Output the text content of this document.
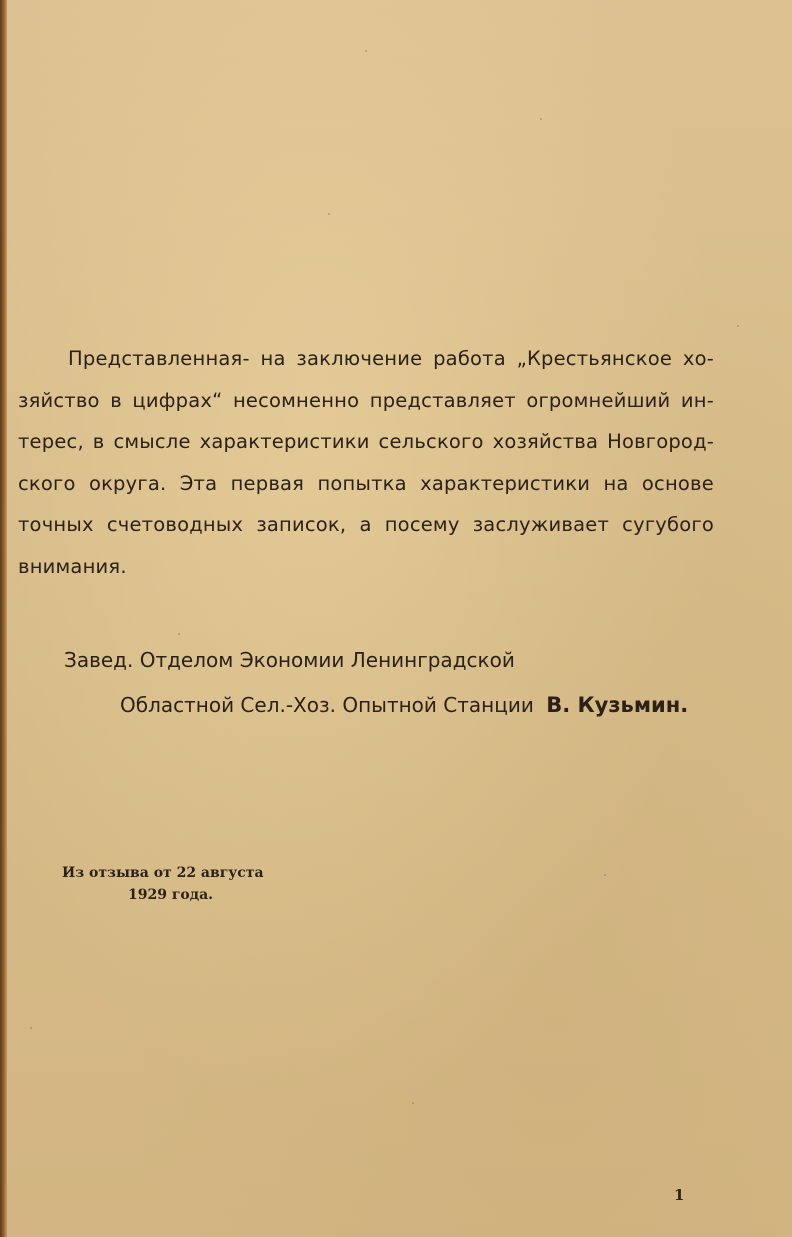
Представленная- на заключение работа „Крестьянское хо-
зяйство в цифрах“ несомненно представляет огромнейший ин-
терес, в смысле характеристики сельского хозяйства Новгород-
ского округа. Эта первая попытка характеристики на основе
точных счетоводных записок, а посему заслуживает сугубого
внимания.
Завед. Отделом Экономии Ленинградской
Областной Сел.-Хоз. Опытной Станции В. Кузьмин.
Из отзыва от 22 августа
1929 года.
1
